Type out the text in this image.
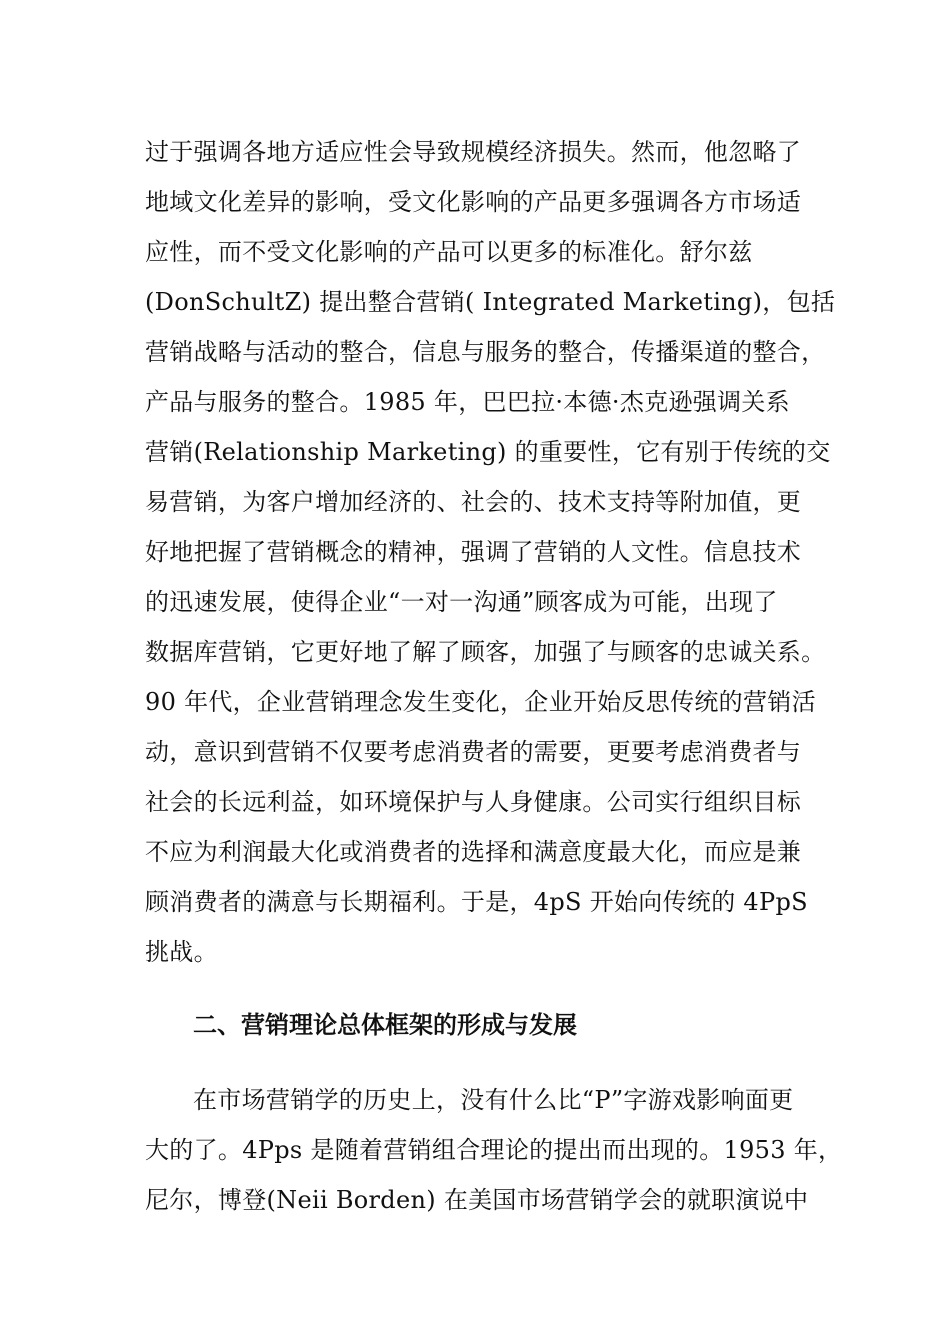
过于强调各地方适应性会导致规模经济损失。然而，他忽略了
地域文化差异的影响，受文化影响的产品更多强调各方市场适
应性，而不受文化影响的产品可以更多的标准化。舒尔兹
(DonSchultZ) 提出整合营销( Integrated Marketing)，包括
营销战略与活动的整合，信息与服务的整合，传播渠道的整合，
产品与服务的整合。1985 年，巴巴拉·本德·杰克逊强调关系
营销(Relationship Marketing) 的重要性，它有别于传统的交
易营销，为客户增加经济的、社会的、技术支持等附加值，更
好地把握了营销概念的精神，强调了营销的人文性。信息技术
的迅速发展，使得企业“一对一沟通”顾客成为可能，出现了
数据库营销，它更好地了解了顾客，加强了与顾客的忠诚关系。
90 年代，企业营销理念发生变化，企业开始反思传统的营销活
动，意识到营销不仅要考虑消费者的需要，更要考虑消费者与
社会的长远利益，如环境保护与人身健康。公司实行组织目标
不应为利润最大化或消费者的选择和满意度最大化，而应是兼
顾消费者的满意与长期福利。于是，4pS 开始向传统的 4PpS
挑战。
二、营销理论总体框架的形成与发展
在市场营销学的历史上，没有什么比“P”字游戏影响面更
大的了。4Pps 是随着营销组合理论的提出而出现的。1953 年，
尼尔，博登(Neii Borden) 在美国市场营销学会的就职演说中
